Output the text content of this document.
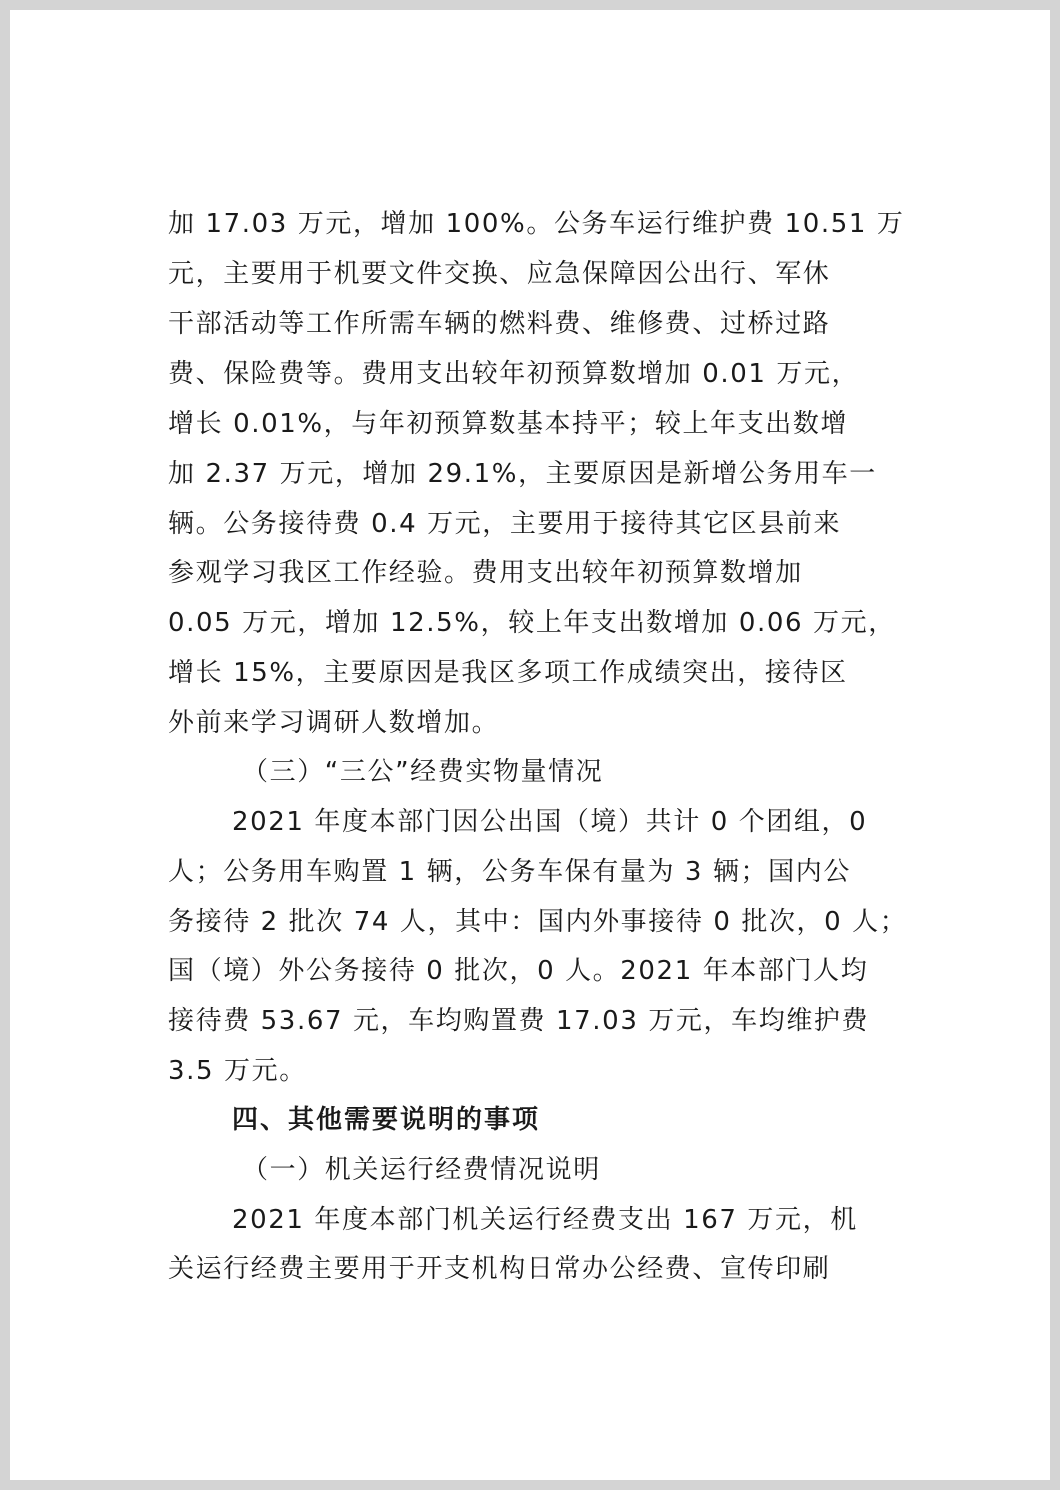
加 17.03 万元，增加 100%。公务车运行维护费 10.51 万
元，主要用于机要文件交换、应急保障因公出行、军休
干部活动等工作所需车辆的燃料费、维修费、过桥过路
费、保险费等。费用支出较年初预算数增加 0.01 万元，
增长 0.01%，与年初预算数基本持平；较上年支出数增
加 2.37 万元，增加 29.1%，主要原因是新增公务用车一
辆。公务接待费 0.4 万元，主要用于接待其它区县前来
参观学习我区工作经验。费用支出较年初预算数增加
0.05 万元，增加 12.5%，较上年支出数增加 0.06 万元，
增长 15%，主要原因是我区多项工作成绩突出，接待区
外前来学习调研人数增加。
（三）“三公”经费实物量情况
2021 年度本部门因公出国（境）共计 0 个团组，0
人；公务用车购置 1 辆，公务车保有量为 3 辆；国内公
务接待 2 批次 74 人，其中：国内外事接待 0 批次，0 人；
国（境）外公务接待 0 批次，0 人。2021 年本部门人均
接待费 53.67 元，车均购置费 17.03 万元，车均维护费
3.5 万元。
四、其他需要说明的事项
（一）机关运行经费情况说明
2021 年度本部门机关运行经费支出 167 万元，机
关运行经费主要用于开支机构日常办公经费、宣传印刷
